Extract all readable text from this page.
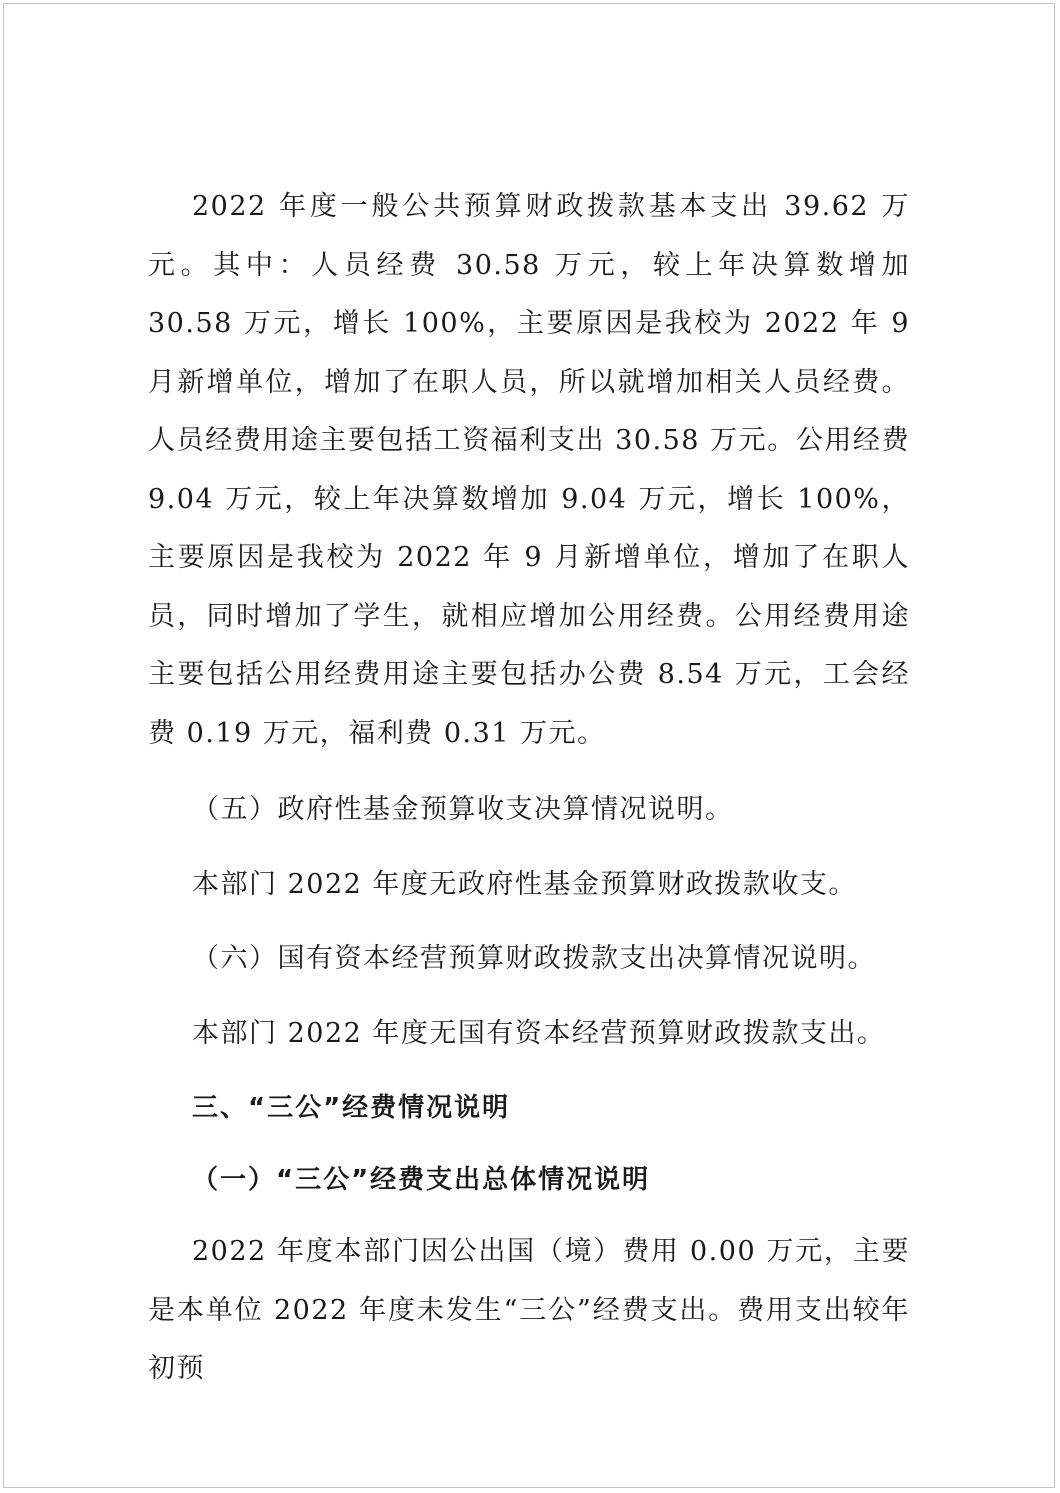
2022 年度一般公共预算财政拨款基本支出 39.62 万元。其中：人员经费 30.58 万元，较上年决算数增加 30.58 万元，增长 100%，主要原因是我校为 2022 年 9 月新增单位，增加了在职人员，所以就增加相关人员经费。人员经费用途主要包括工资福利支出 30.58 万元。公用经费 9.04 万元，较上年决算数增加 9.04 万元，增长 100%，主要原因是我校为 2022 年 9 月新增单位，增加了在职人员，同时增加了学生，就相应增加公用经费。公用经费用途主要包括公用经费用途主要包括办公费 8.54 万元，工会经费 0.19 万元，福利费 0.31 万元。

（五）政府性基金预算收支决算情况说明。

本部门 2022 年度无政府性基金预算财政拨款收支。

（六）国有资本经营预算财政拨款支出决算情况说明。

本部门 2022 年度无国有资本经营预算财政拨款支出。

三、“三公”经费情况说明

（一）“三公”经费支出总体情况说明

2022 年度本部门因公出国（境）费用 0.00 万元，主要是本单位 2022 年度未发生“三公”经费支出。费用支出较年初预
